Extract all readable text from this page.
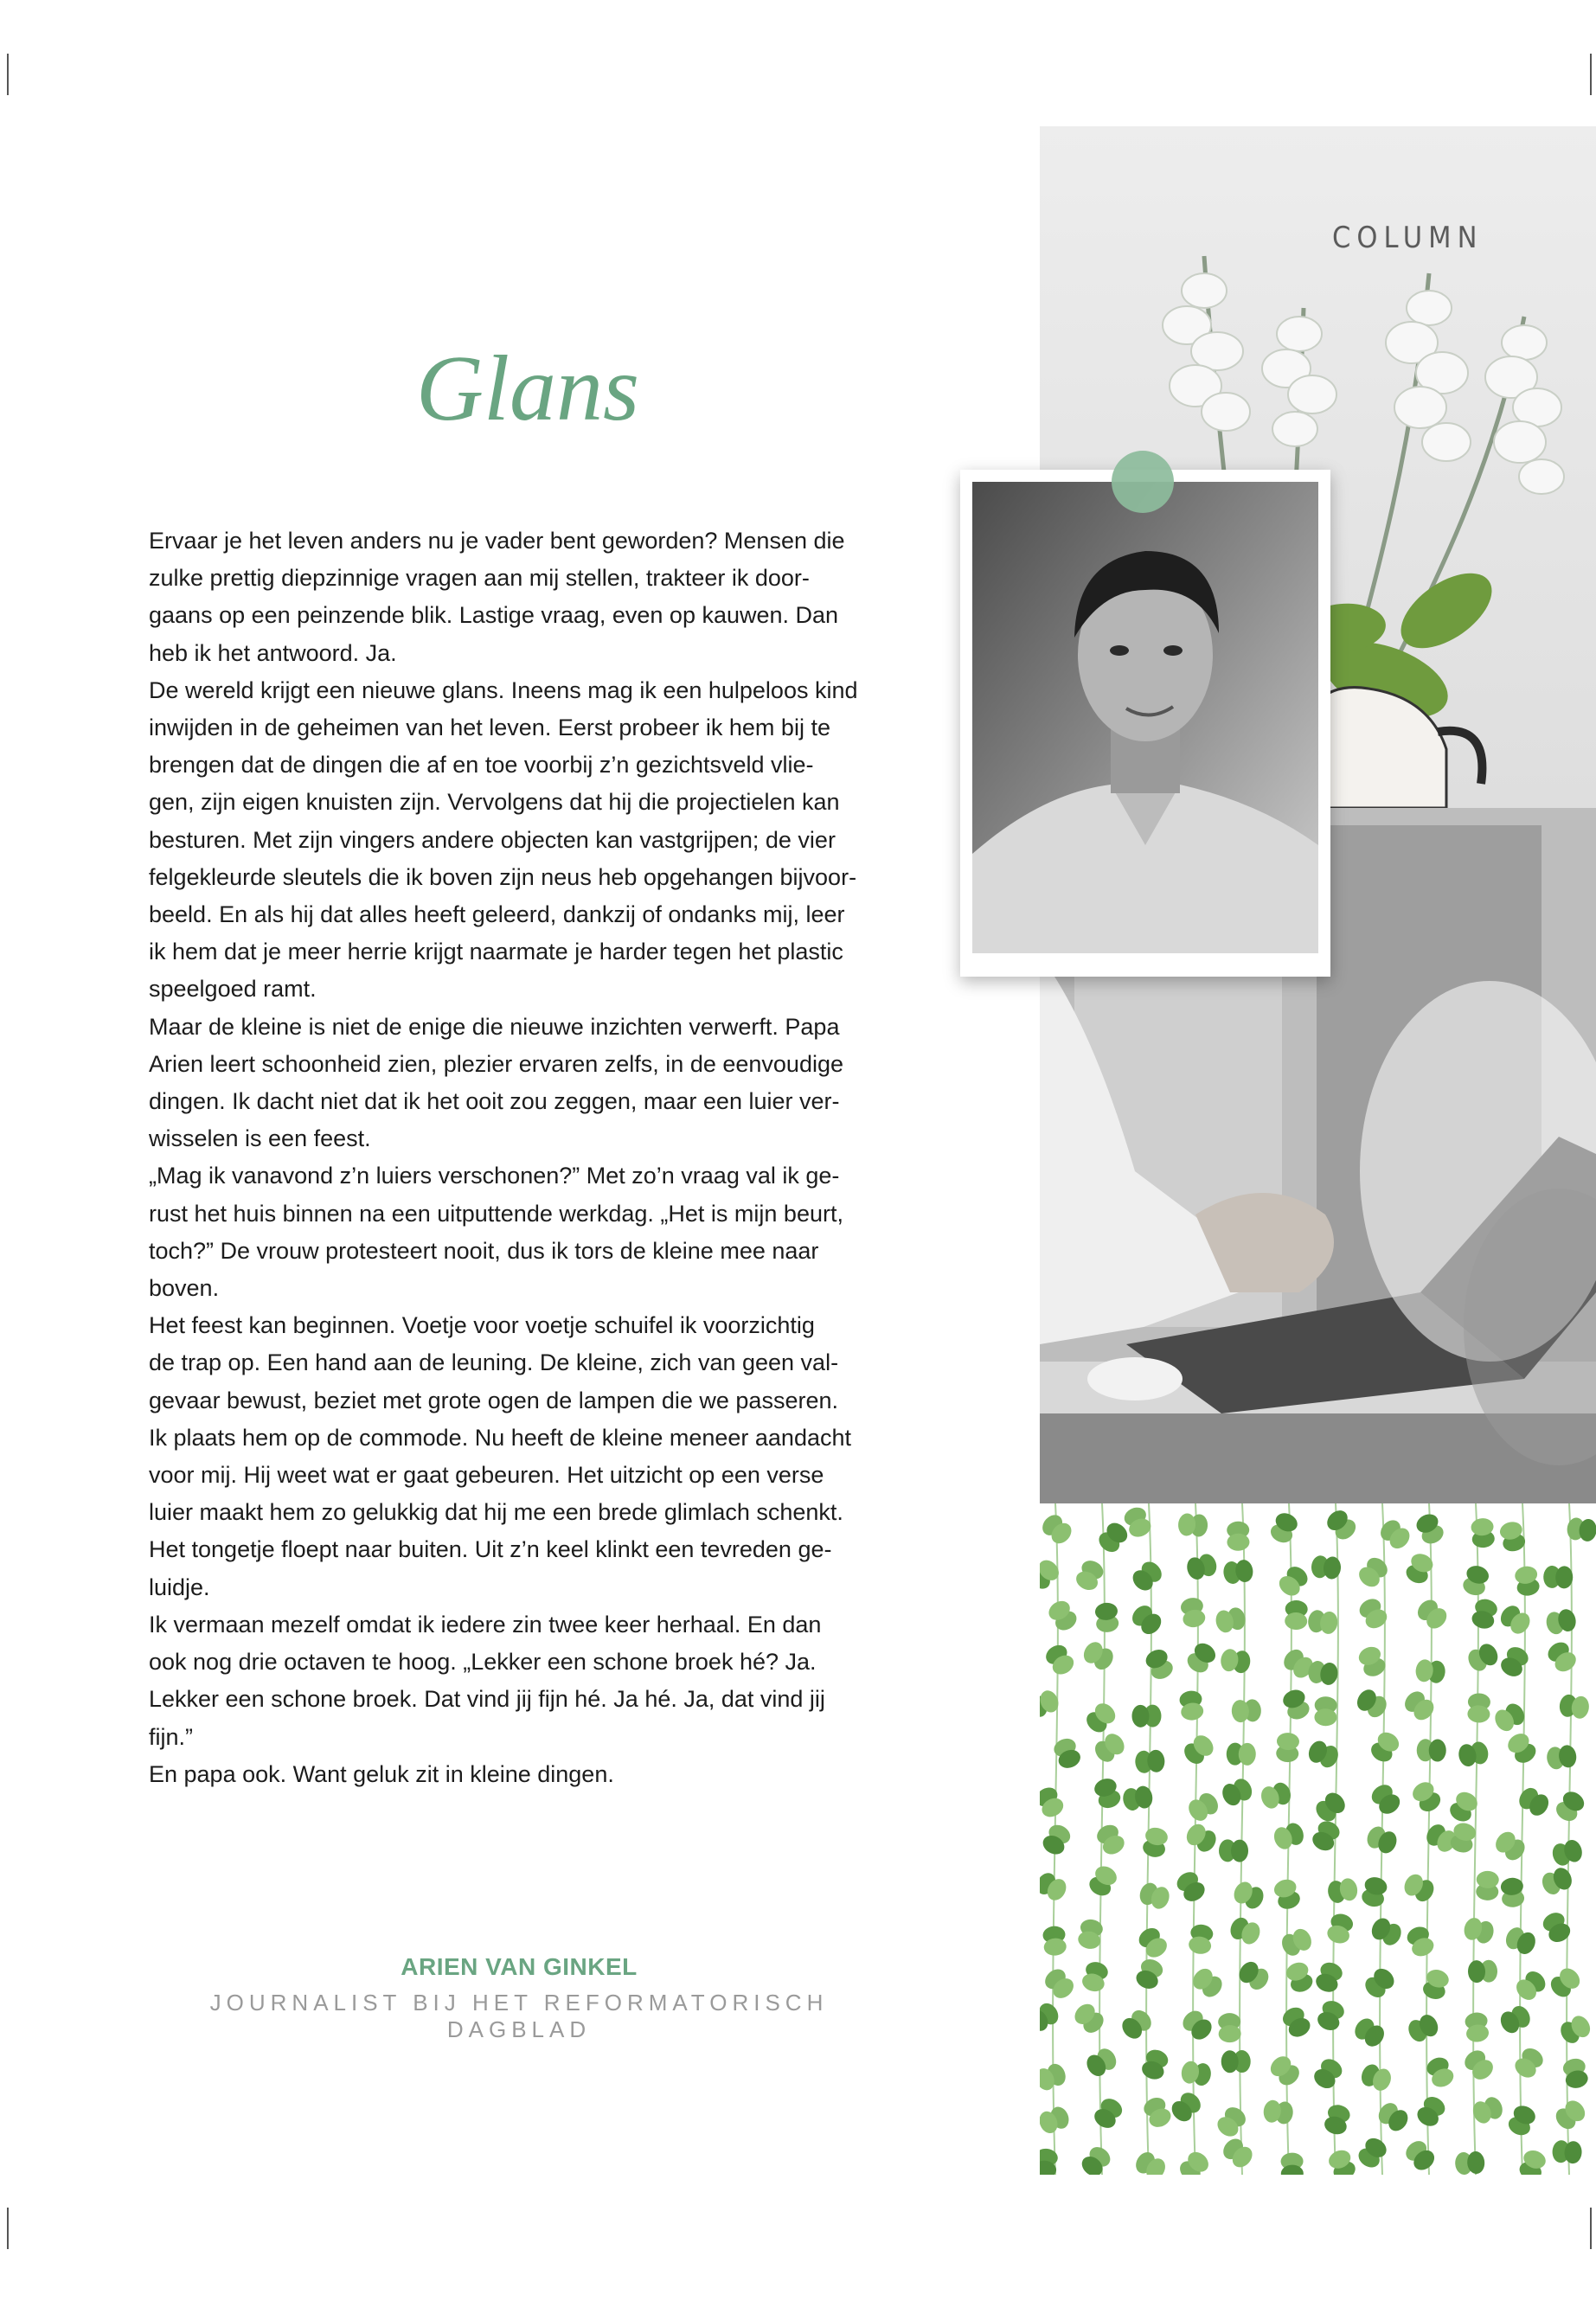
Glans

Ervaar je het leven anders nu je vader bent geworden? Mensen die
zulke prettig diepzinnige vragen aan mij stellen, trakteer ik door-
gaans op een peinzende blik. Lastige vraag, even op kauwen. Dan
heb ik het antwoord. Ja.

De wereld krijgt een nieuwe glans. Ineens mag ik een hulpeloos kind
inwijden in de geheimen van het leven. Eerst probeer ik hem bij te
brengen dat de dingen die af en toe voorbij z’n gezichtsveld vlie-
gen, zijn eigen knuisten zijn. Vervolgens dat hij die projectielen kan
besturen. Met zijn vingers andere objecten kan vastgrijpen; de vier
felgekleurde sleutels die ik boven zijn neus heb opgehangen bijvoor-
beeld. En als hij dat alles heeft geleerd, dankzij of ondanks mij, leer
ik hem dat je meer herrie krijgt naarmate je harder tegen het plastic
speelgoed ramt.

Maar de kleine is niet de enige die nieuwe inzichten verwerft. Papa
Arien leert schoonheid zien, plezier ervaren zelfs, in de eenvoudige
dingen. Ik dacht niet dat ik het ooit zou zeggen, maar een luier ver-
wisselen is een feest.

„Mag ik vanavond z’n luiers verschonen?” Met zo’n vraag val ik ge-
rust het huis binnen na een uitputtende werkdag. „Het is mijn beurt,
toch?” De vrouw protesteert nooit, dus ik tors de kleine mee naar
boven.

Het feest kan beginnen. Voetje voor voetje schuifel ik voorzichtig
de trap op. Een hand aan de leuning. De kleine, zich van geen val-
gevaar bewust, beziet met grote ogen de lampen die we passeren.
Ik plaats hem op de commode. Nu heeft de kleine meneer aandacht
voor mij. Hij weet wat er gaat gebeuren. Het uitzicht op een verse
luier maakt hem zo gelukkig dat hij me een brede glimlach schenkt.
Het tongetje floept naar buiten. Uit z’n keel klinkt een tevreden ge-
luidje.

Ik vermaan mezelf omdat ik iedere zin twee keer herhaal. En dan
ook nog drie octaven te hoog. „Lekker een schone broek hé? Ja.
Lekker een schone broek. Dat vind jij fijn hé. Ja hé. Ja, dat vind jij
fijn.”

En papa ook. Want geluk zit in kleine dingen.

ARIEN VAN GINKEL
JOURNALIST BIJ HET REFORMATORISCH DAGBLAD
COLUMN
